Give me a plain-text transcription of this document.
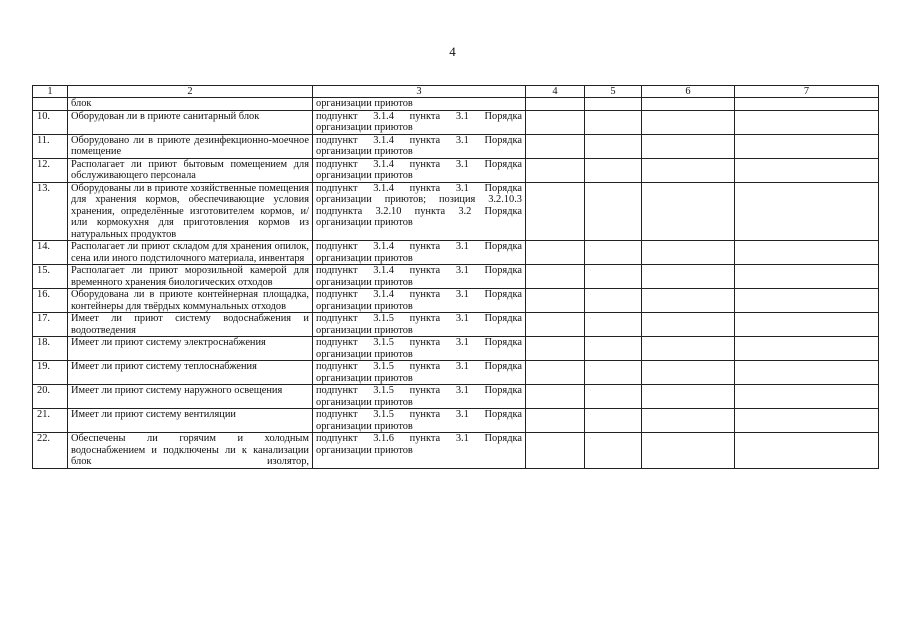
4
1	2	3	4	5	6	7
	блок	организации приютов				
10.	Оборудован ли в приюте санитарный блок	подпункт 3.1.4 пункта 3.1 Порядка организации приютов				
11.	Оборудовано ли в приюте дезинфекционно-моечное помещение	подпункт 3.1.4 пункта 3.1 Порядка организации приютов				
12.	Располагает ли приют бытовым помещением для обслуживающего персонала	подпункт 3.1.4 пункта 3.1 Порядка организации приютов				
13.	Оборудованы ли в приюте хозяйственные помещения для хранения кормов, обеспечивающие условия хранения, определённые изготовителем кормов, и/или кормокухня для приготовления кормов из натуральных продуктов	подпункт 3.1.4 пункта 3.1 Порядка организации приютов; позиция 3.2.10.3 подпункта 3.2.10 пункта 3.2 Порядка организации приютов				
14.	Располагает ли приют складом для хранения опилок, сена или иного подстилочного материала, инвентаря	подпункт 3.1.4 пункта 3.1 Порядка организации приютов				
15.	Располагает ли приют морозильной камерой для временного хранения биологических отходов	подпункт 3.1.4 пункта 3.1 Порядка организации приютов				
16.	Оборудована ли в приюте контейнерная площадка, контейнеры для твёрдых коммунальных отходов	подпункт 3.1.4 пункта 3.1 Порядка организации приютов				
17.	Имеет ли приют систему водоснабжения и водоотведения	подпункт 3.1.5 пункта 3.1 Порядка организации приютов				
18.	Имеет ли приют систему электроснабжения	подпункт 3.1.5 пункта 3.1 Порядка организации приютов				
19.	Имеет ли приют систему теплоснабжения	подпункт 3.1.5 пункта 3.1 Порядка организации приютов				
20.	Имеет ли приют систему наружного освещения	подпункт 3.1.5 пункта 3.1 Порядка организации приютов				
21.	Имеет ли приют систему вентиляции	подпункт 3.1.5 пункта 3.1 Порядка организации приютов				
22.	Обеспечены ли горячим и холодным водоснабжением и подключены ли к канализации блок изолятор,	подпункт 3.1.6 пункта 3.1 Порядка организации приютов				
